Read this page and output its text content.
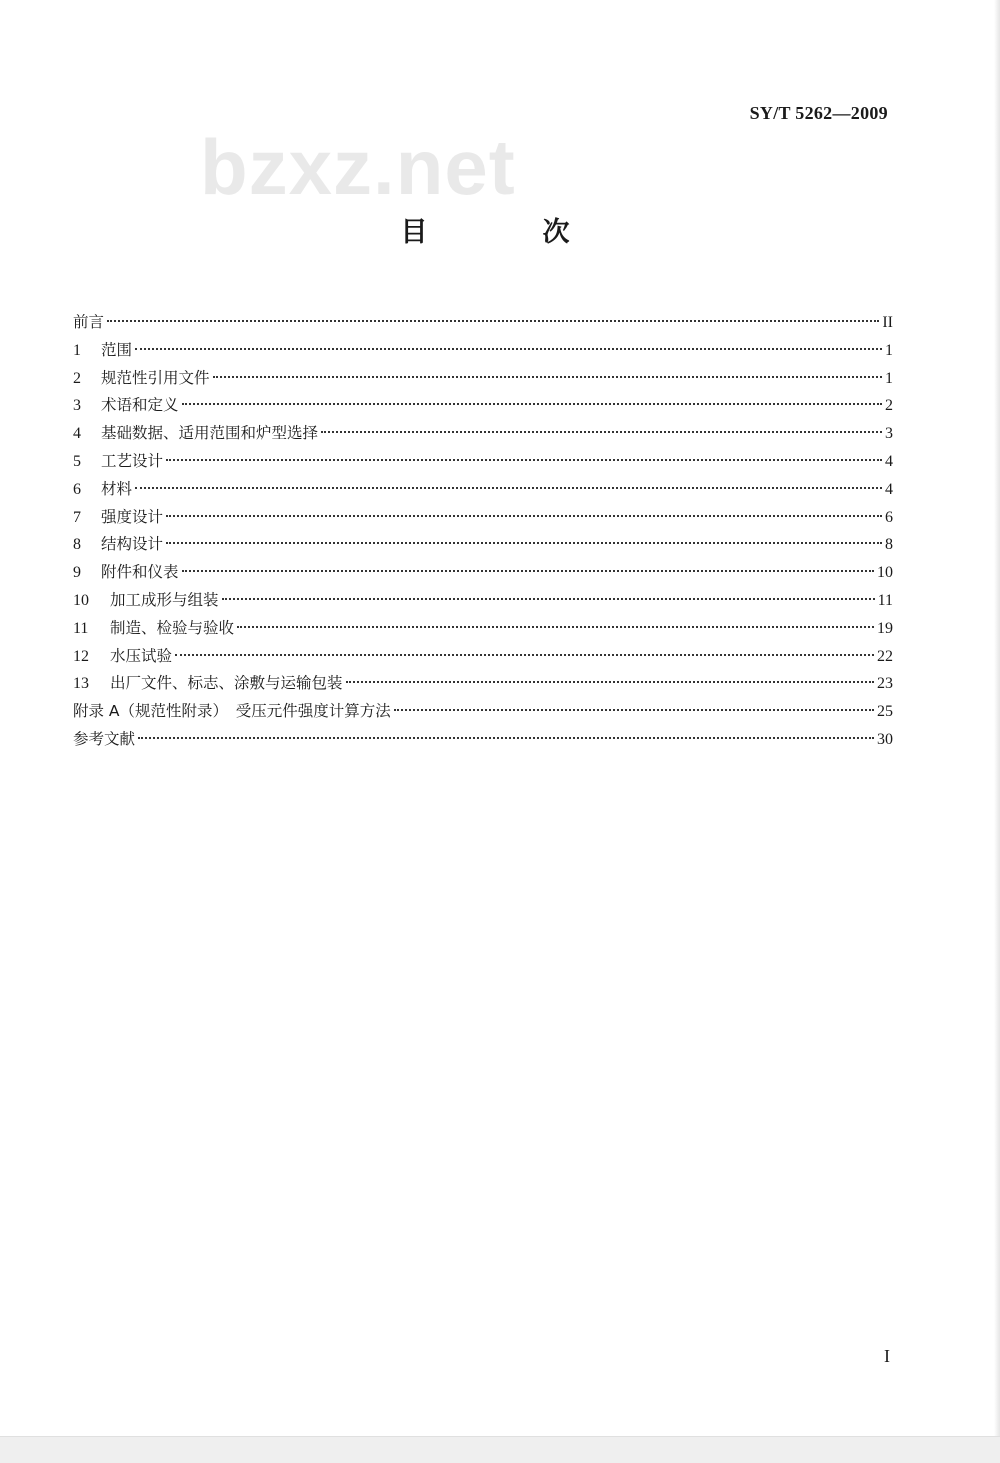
bzxz.net
SY/T 5262—2009
目　次
前言	II
1	范围	1
2	规范性引用文件	1
3	术语和定义	2
4	基础数据、适用范围和炉型选择	3
5	工艺设计	4
6	材料	4
7	强度设计	6
8	结构设计	8
9	附件和仪表	10
10	加工成形与组装	11
11	制造、检验与验收	19
12	水压试验	22
13	出厂文件、标志、涂敷与运输包装	23
附录 A（规范性附录）　受压元件强度计算方法	25
参考文献	30
I
